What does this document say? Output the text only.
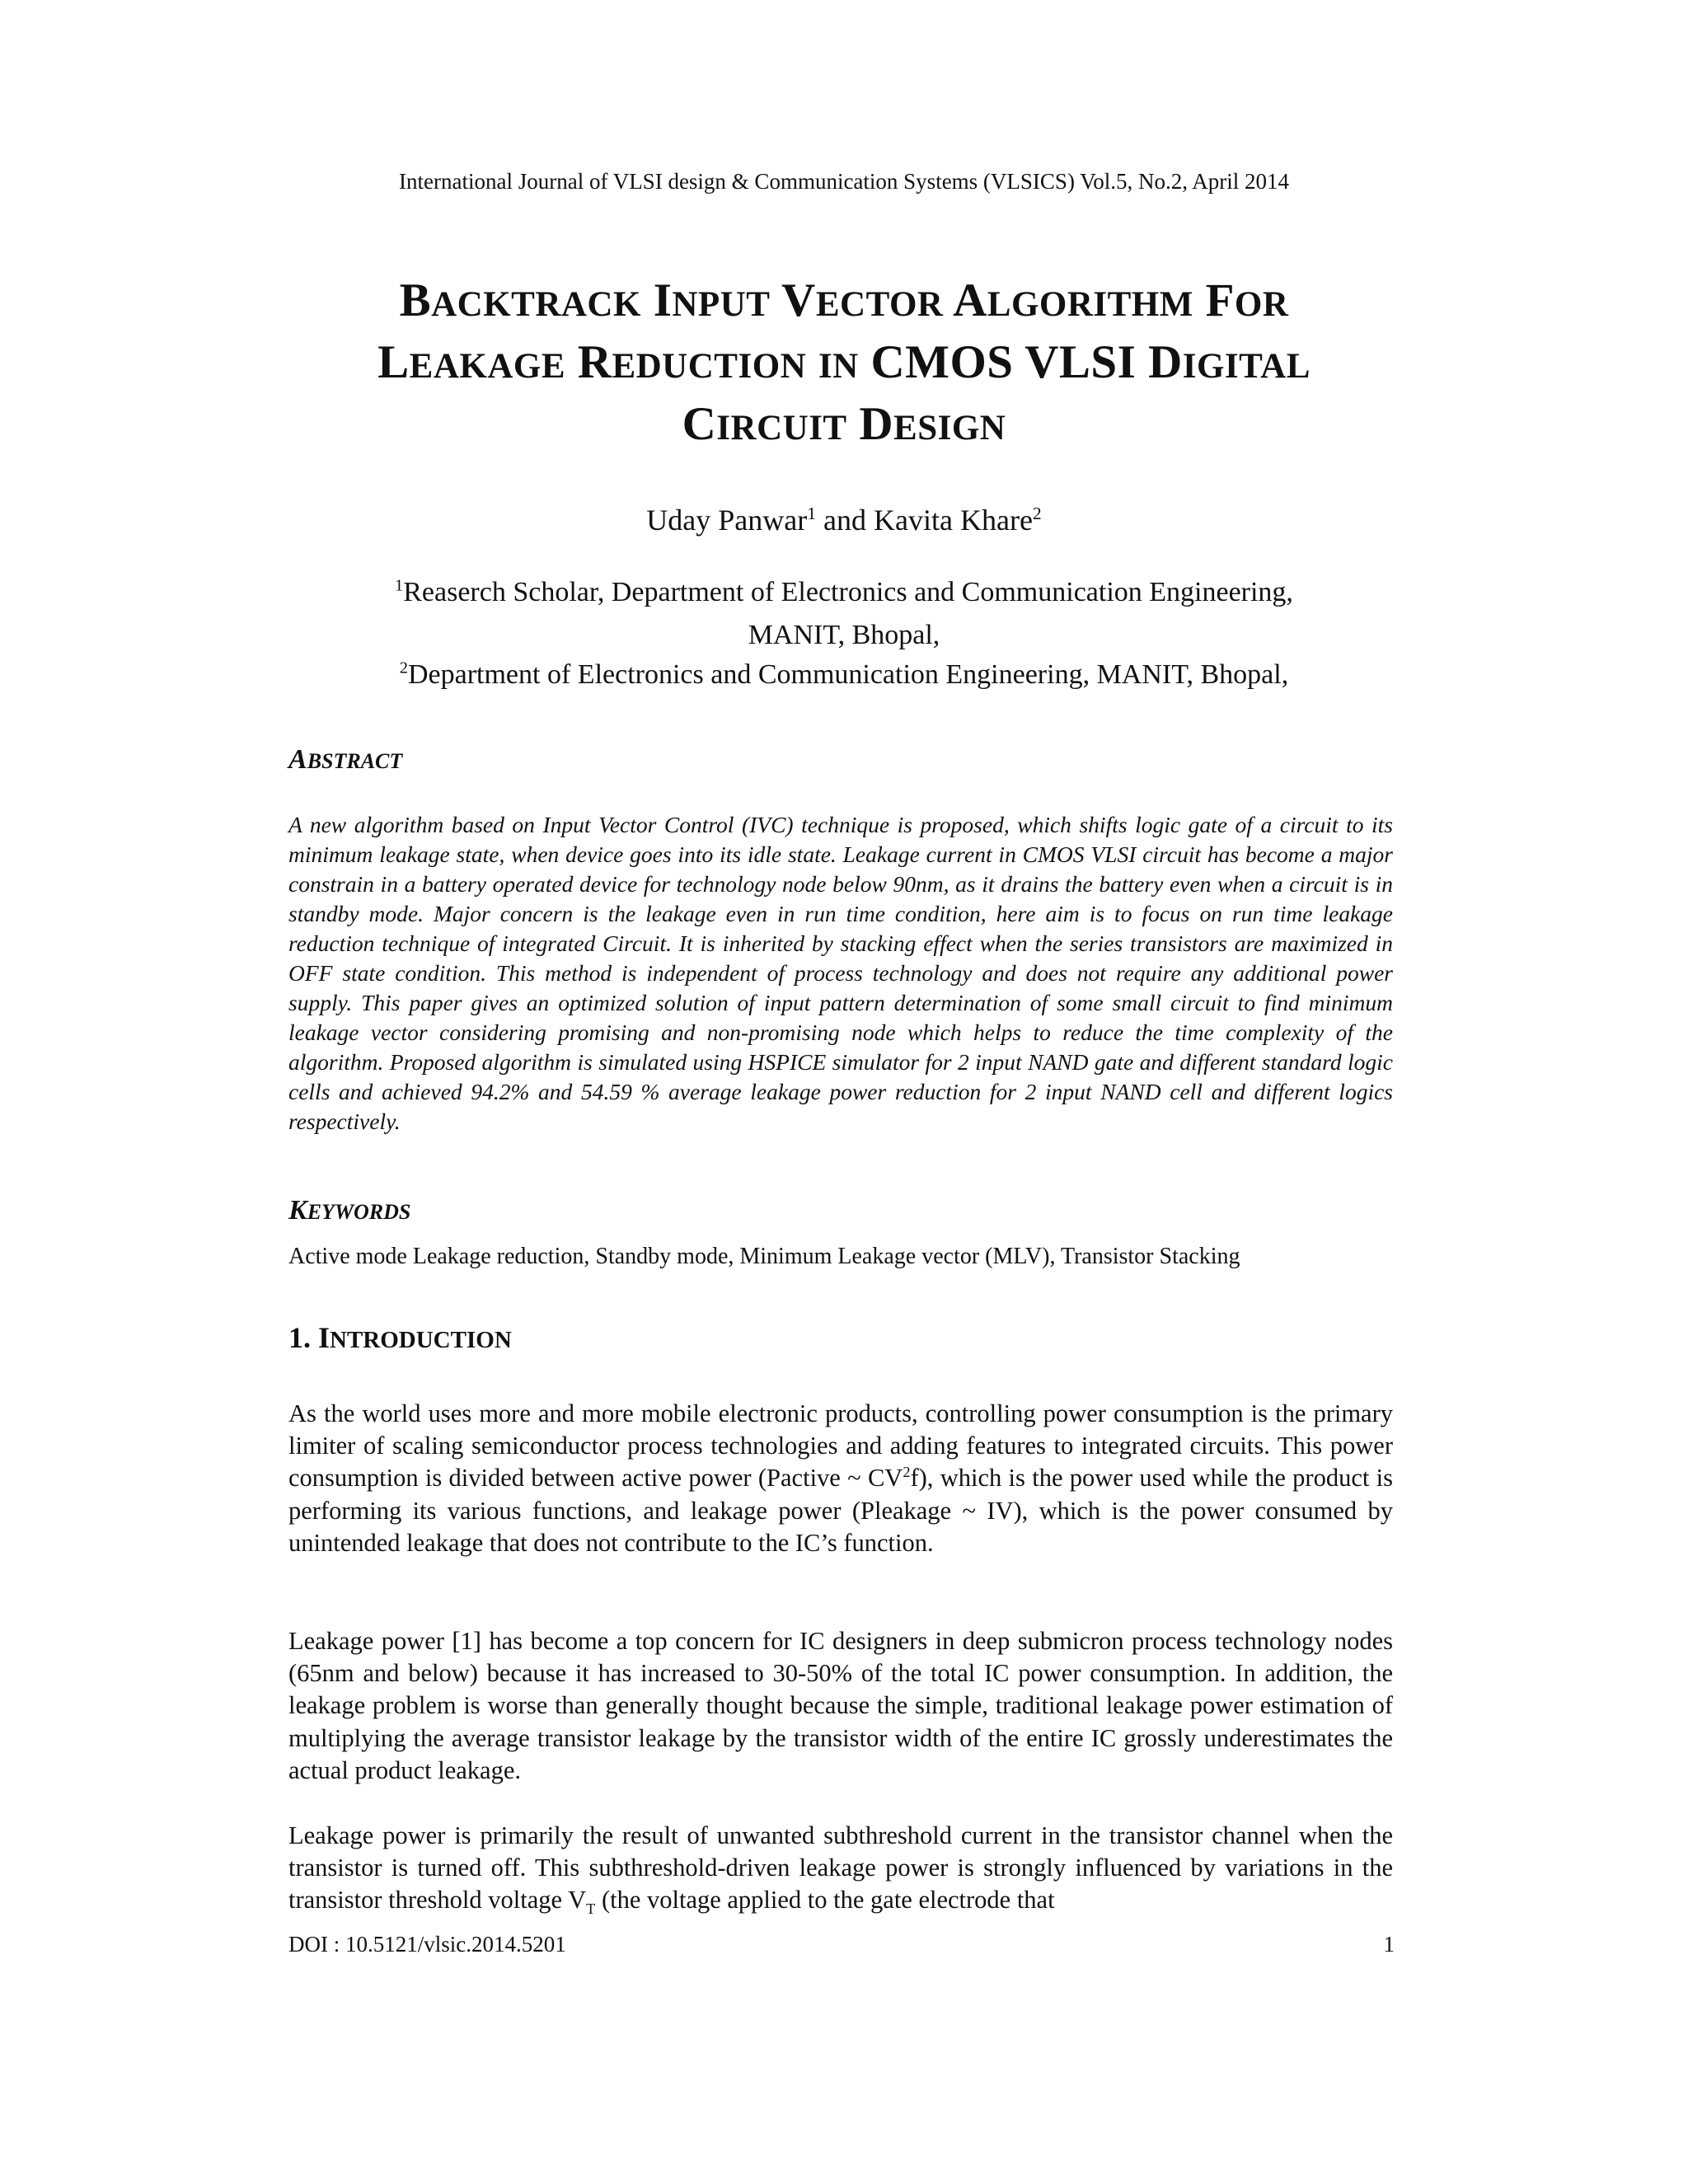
International Journal of VLSI design & Communication Systems (VLSICS) Vol.5, No.2, April 2014
BACKTRACK INPUT VECTOR ALGORITHM FOR
LEAKAGE REDUCTION IN CMOS VLSI DIGITAL
CIRCUIT DESIGN
Uday Panwar$^1$ and Kavita Khare$^2$
$^1$Reaserch Scholar, Department of Electronics and Communication Engineering,
MANIT, Bhopal,
$^2$Department of Electronics and Communication Engineering, MANIT, Bhopal,
ABSTRACT
A new algorithm based on Input Vector Control (IVC) technique is proposed, which shifts logic gate of a circuit to its minimum leakage state, when device goes into its idle state. Leakage current in CMOS VLSI circuit has become a major constrain in a battery operated device for technology node below 90nm, as it drains the battery even when a circuit is in standby mode. Major concern is the leakage even in run time condition, here aim is to focus on run time leakage reduction technique of integrated Circuit. It is inherited by stacking effect when the series transistors are maximized in OFF state condition. This method is independent of process technology and does not require any additional power supply. This paper gives an optimized solution of input pattern determination of some small circuit to find minimum leakage vector considering promising and non-promising node which helps to reduce the time complexity of the algorithm. Proposed algorithm is simulated using HSPICE simulator for 2 input NAND gate and different standard logic cells and achieved 94.2% and 54.59 % average leakage power reduction for 2 input NAND cell and different logics respectively.
KEYWORDS
Active mode Leakage reduction, Standby mode, Minimum Leakage vector (MLV), Transistor Stacking
1. INTRODUCTION
As the world uses more and more mobile electronic products, controlling power consumption is the primary limiter of scaling semiconductor process technologies and adding features to integrated circuits. This power consumption is divided between active power (Pactive ~ $CV^2f$), which is the power used while the product is performing its various functions, and leakage power (Pleakage ~ IV), which is the power consumed by unintended leakage that does not contribute to the IC’s function.
Leakage power [1] has become a top concern for IC designers in deep submicron process technology nodes (65nm and below) because it has increased to 30-50% of the total IC power consumption. In addition, the leakage problem is worse than generally thought because the simple, traditional leakage power estimation of multiplying the average transistor leakage by the transistor width of the entire IC grossly underestimates the actual product leakage.
Leakage power is primarily the result of unwanted subthreshold current in the transistor channel when the transistor is turned off. This subthreshold-driven leakage power is strongly influenced by variations in the transistor threshold voltage $V_T$ (the voltage applied to the gate electrode that
DOI : 10.5121/vlsic.2014.5201	1
